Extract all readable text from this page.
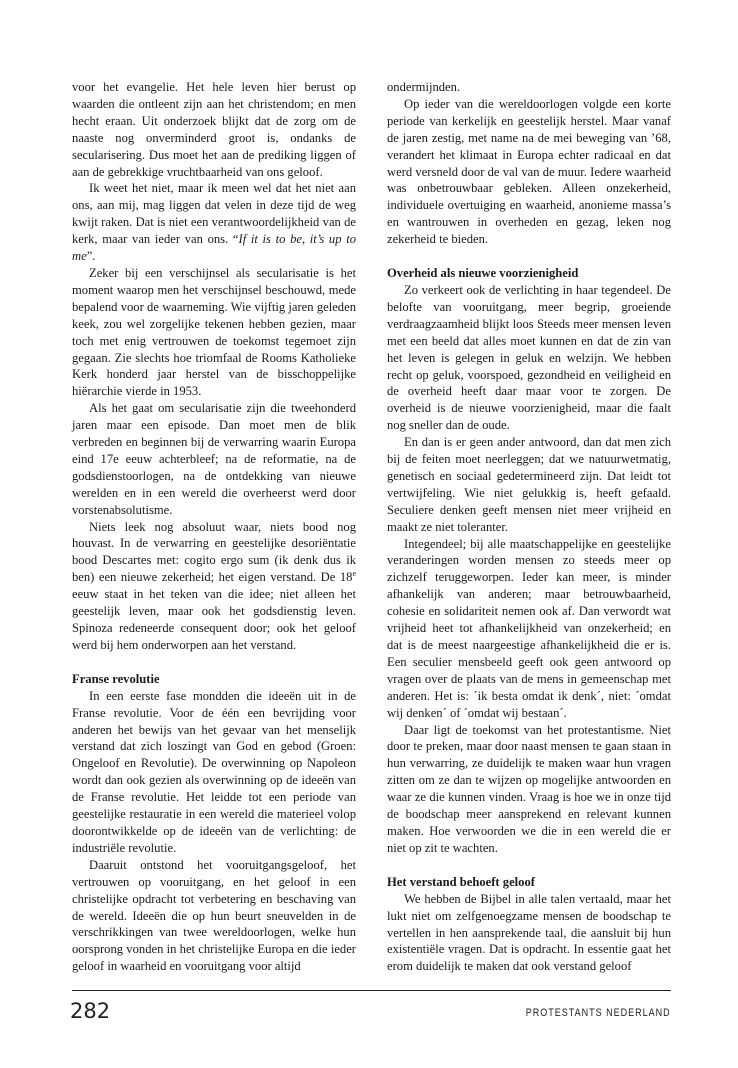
voor het evangelie. Het hele leven hier berust op waarden die ontleent zijn aan het christendom; en men hecht eraan. Uit onderzoek blijkt dat de zorg om de naaste nog onverminderd groot is, ondanks de secularisering. Dus moet het aan de prediking liggen of aan de gebrekkige vruchtbaarheid van ons geloof.

Ik weet het niet, maar ik meen wel dat het niet aan ons, aan mij, mag liggen dat velen in deze tijd de weg kwijt raken. Dat is niet een verantwoordelijkheid van de kerk, maar van ieder van ons. “If it is to be, it’s up to me”.

Zeker bij een verschijnsel als secularisatie is het moment waarop men het verschijnsel beschouwd, mede bepalend voor de waarneming. Wie vijftig jaren geleden keek, zou wel zorgelijke tekenen hebben gezien, maar toch met enig vertrouwen de toekomst tegemoet zijn gegaan. Zie slechts hoe triomfaal de Rooms Katholieke Kerk honderd jaar herstel van de bisschoppelijke hiërarchie vierde in 1953.

Als het gaat om secularisatie zijn die tweehonderd jaren maar een episode. Dan moet men de blik verbreden en beginnen bij de verwarring waarin Europa eind 17e eeuw achterbleef; na de reformatie, na de godsdienstoorlogen, na de ontdekking van nieuwe werelden en in een wereld die overheerst werd door vorstenabsolutisme.

Niets leek nog absoluut waar, niets bood nog houvast. In de verwarring en geestelijke desoriëntatie bood Descartes met: cogito ergo sum (ik denk dus ik ben) een nieuwe zekerheid; het eigen verstand. De 18e eeuw staat in het teken van die idee; niet alleen het geestelijk leven, maar ook het godsdienstig leven. Spinoza redeneerde consequent door; ook het geloof werd bij hem onderworpen aan het verstand.

Franse revolutie

In een eerste fase mondden die ideeën uit in de Franse revolutie. Voor de één een bevrijding voor anderen het bewijs van het gevaar van het menselijk verstand dat zich loszingt van God en gebod (Groen: Ongeloof en Revolutie). De overwinning op Napoleon wordt dan ook gezien als overwinning op de ideeën van de Franse revolutie. Het leidde tot een periode van geestelijke restauratie in een wereld die materieel volop doorontwikkelde op de ideeën van de verlichting: de industriële revolutie.

Daaruit ontstond het vooruitgangsgeloof, het vertrouwen op vooruitgang, en het geloof in een christelijke opdracht tot verbetering en beschaving van de wereld. Ideeën die op hun beurt sneuvelden in de verschrikkingen van twee wereldoorlogen, welke hun oorsprong vonden in het christelijke Europa en die ieder geloof in waarheid en vooruitgang voor altijd

ondermijnden.

Op ieder van die wereldoorlogen volgde een korte periode van kerkelijk en geestelijk herstel. Maar vanaf de jaren zestig, met name na de mei beweging van ’68, verandert het klimaat in Europa echter radicaal en dat werd versneld door de val van de muur. Iedere waarheid was onbetrouwbaar gebleken. Alleen onzekerheid, individuele overtuiging en waarheid, anonieme massa’s en wantrouwen in overheden en gezag, leken nog zekerheid te bieden.

Overheid als nieuwe voorzienigheid

Zo verkeert ook de verlichting in haar tegendeel. De belofte van vooruitgang, meer begrip, groeiende verdraagzaamheid blijkt loos Steeds meer mensen leven met een beeld dat alles moet kunnen en dat de zin van het leven is gelegen in geluk en welzijn. We hebben recht op geluk, voorspoed, gezondheid en veiligheid en de overheid heeft daar maar voor te zorgen. De overheid is de nieuwe voorzienigheid, maar die faalt nog sneller dan de oude.

En dan is er geen ander antwoord, dan dat men zich bij de feiten moet neerleggen; dat we natuurwetmatig, genetisch en sociaal gedetermineerd zijn. Dat leidt tot vertwijfeling. Wie niet gelukkig is, heeft gefaald. Seculiere denken geeft mensen niet meer vrijheid en maakt ze niet toleranter.

Integendeel; bij alle maatschappelijke en geestelijke veranderingen worden mensen zo steeds meer op zichzelf teruggeworpen. Ieder kan meer, is minder afhankelijk van anderen; maar betrouwbaarheid, cohesie en solidariteit nemen ook af. Dan verwordt wat vrijheid heet tot afhankelijkheid van onzekerheid; en dat is de meest naargeestige afhankelijkheid die er is. Een seculier mensbeeld geeft ook geen antwoord op vragen over de plaats van de mens in gemeenschap met anderen. Het is: ´ik besta omdat ik denk´, niet: ´omdat wij denken´ of ´omdat wij bestaan´.

Daar ligt de toekomst van het protestantisme. Niet door te preken, maar door naast mensen te gaan staan in hun verwarring, ze duidelijk te maken waar hun vragen zitten om ze dan te wijzen op mogelijke antwoorden en waar ze die kunnen vinden. Vraag is hoe we in onze tijd de boodschap meer aansprekend en relevant kunnen maken. Hoe verwoorden we die in een wereld die er niet op zit te wachten.

Het verstand behoeft geloof

We hebben de Bijbel in alle talen vertaald, maar het lukt niet om zelfgenoegzame mensen de boodschap te vertellen in hen aansprekende taal, die aansluit bij hun existentiële vragen. Dat is opdracht. In essentie gaat het erom duidelijk te maken dat ook verstand geloof

282	PROTESTANTS NEDERLAND
